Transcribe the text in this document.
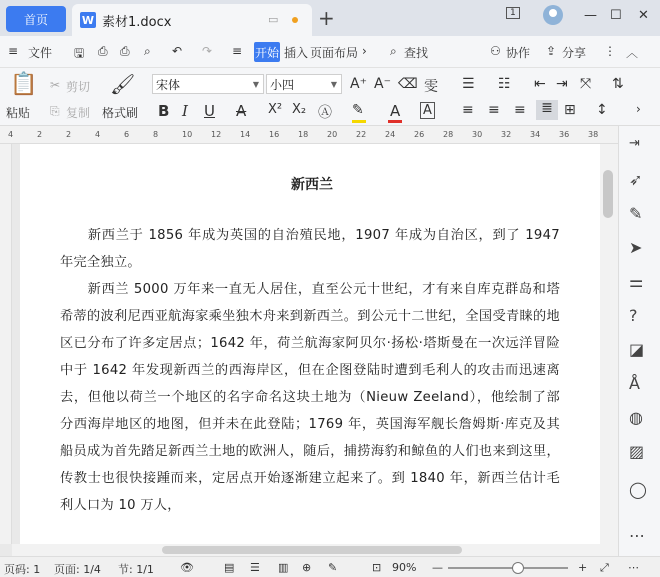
首页	W 素材1.docx	▭ +	1	— ☐ ✕
≡ 文件 🖫 ⎙ ⎙ ⌕ ↶ ↷ ≡ 开始 插入 页面布局 › ⌕ 查找	⚇ 协作 ⇪ 分享 ⋮ ︿
📋
粘贴
✂ 剪切
⎘ 复制
🖌
格式刷
宋体	▼ 小四	▼ A⁺ A⁻ ⌫ 雯
B I U A X² X₂ Ⓐ ✎ A A
☰ ☷ ⇤ ⇥ ⤧ ⇅
≡ ≡ ≡	≣ ⊞ ↕ ›
4	2	2	4	6	8	10 12 14 16 18 20 22 24 26 28 30 32 34 36 38
新西兰
　　新西兰于 1856 年成为英国的自治殖民地，1907 年成为自治区，到了 1947 年完全独立。
　　新西兰 5000 万年来一直无人居住，直至公元十世纪，才有来自库克群岛和塔希蒂的波利尼西亚航海家乘坐独木舟来到新西兰。到公元十二世纪，全国受青睐的地区已分布了许多定居点；1642 年，荷兰航海家阿贝尔·扬松·塔斯曼在一次远洋冒险中于 1642 年发现新西兰的西海岸区，但在企图登陆时遭到毛利人的攻击而迅速离去，但他以荷兰一个地区的名字命名这块土地为（Nieuw Zeeland），他绘制了部分西海岸地区的地图，但并未在此登陆；1769 年，英国海军舰长詹姆斯·库克及其船员成为首先踏足新西兰土地的欧洲人，随后，捕捞海豹和鲸鱼的人们也来到这里，传教士也很快接踵而来，定居点开始逐渐建立起来了。到 1840 年，新西兰估计毛利人口为 10 万人，
⇥
➶
✎
➤
⚌
?
◪
Å
◍
▨
◯
⋯
页码: 1 页面: 1/4 节: 1/1 👁	▤ ☰ ▥ ⊕ ✎	⊡ 90% —	+ ⤢ ⋯
